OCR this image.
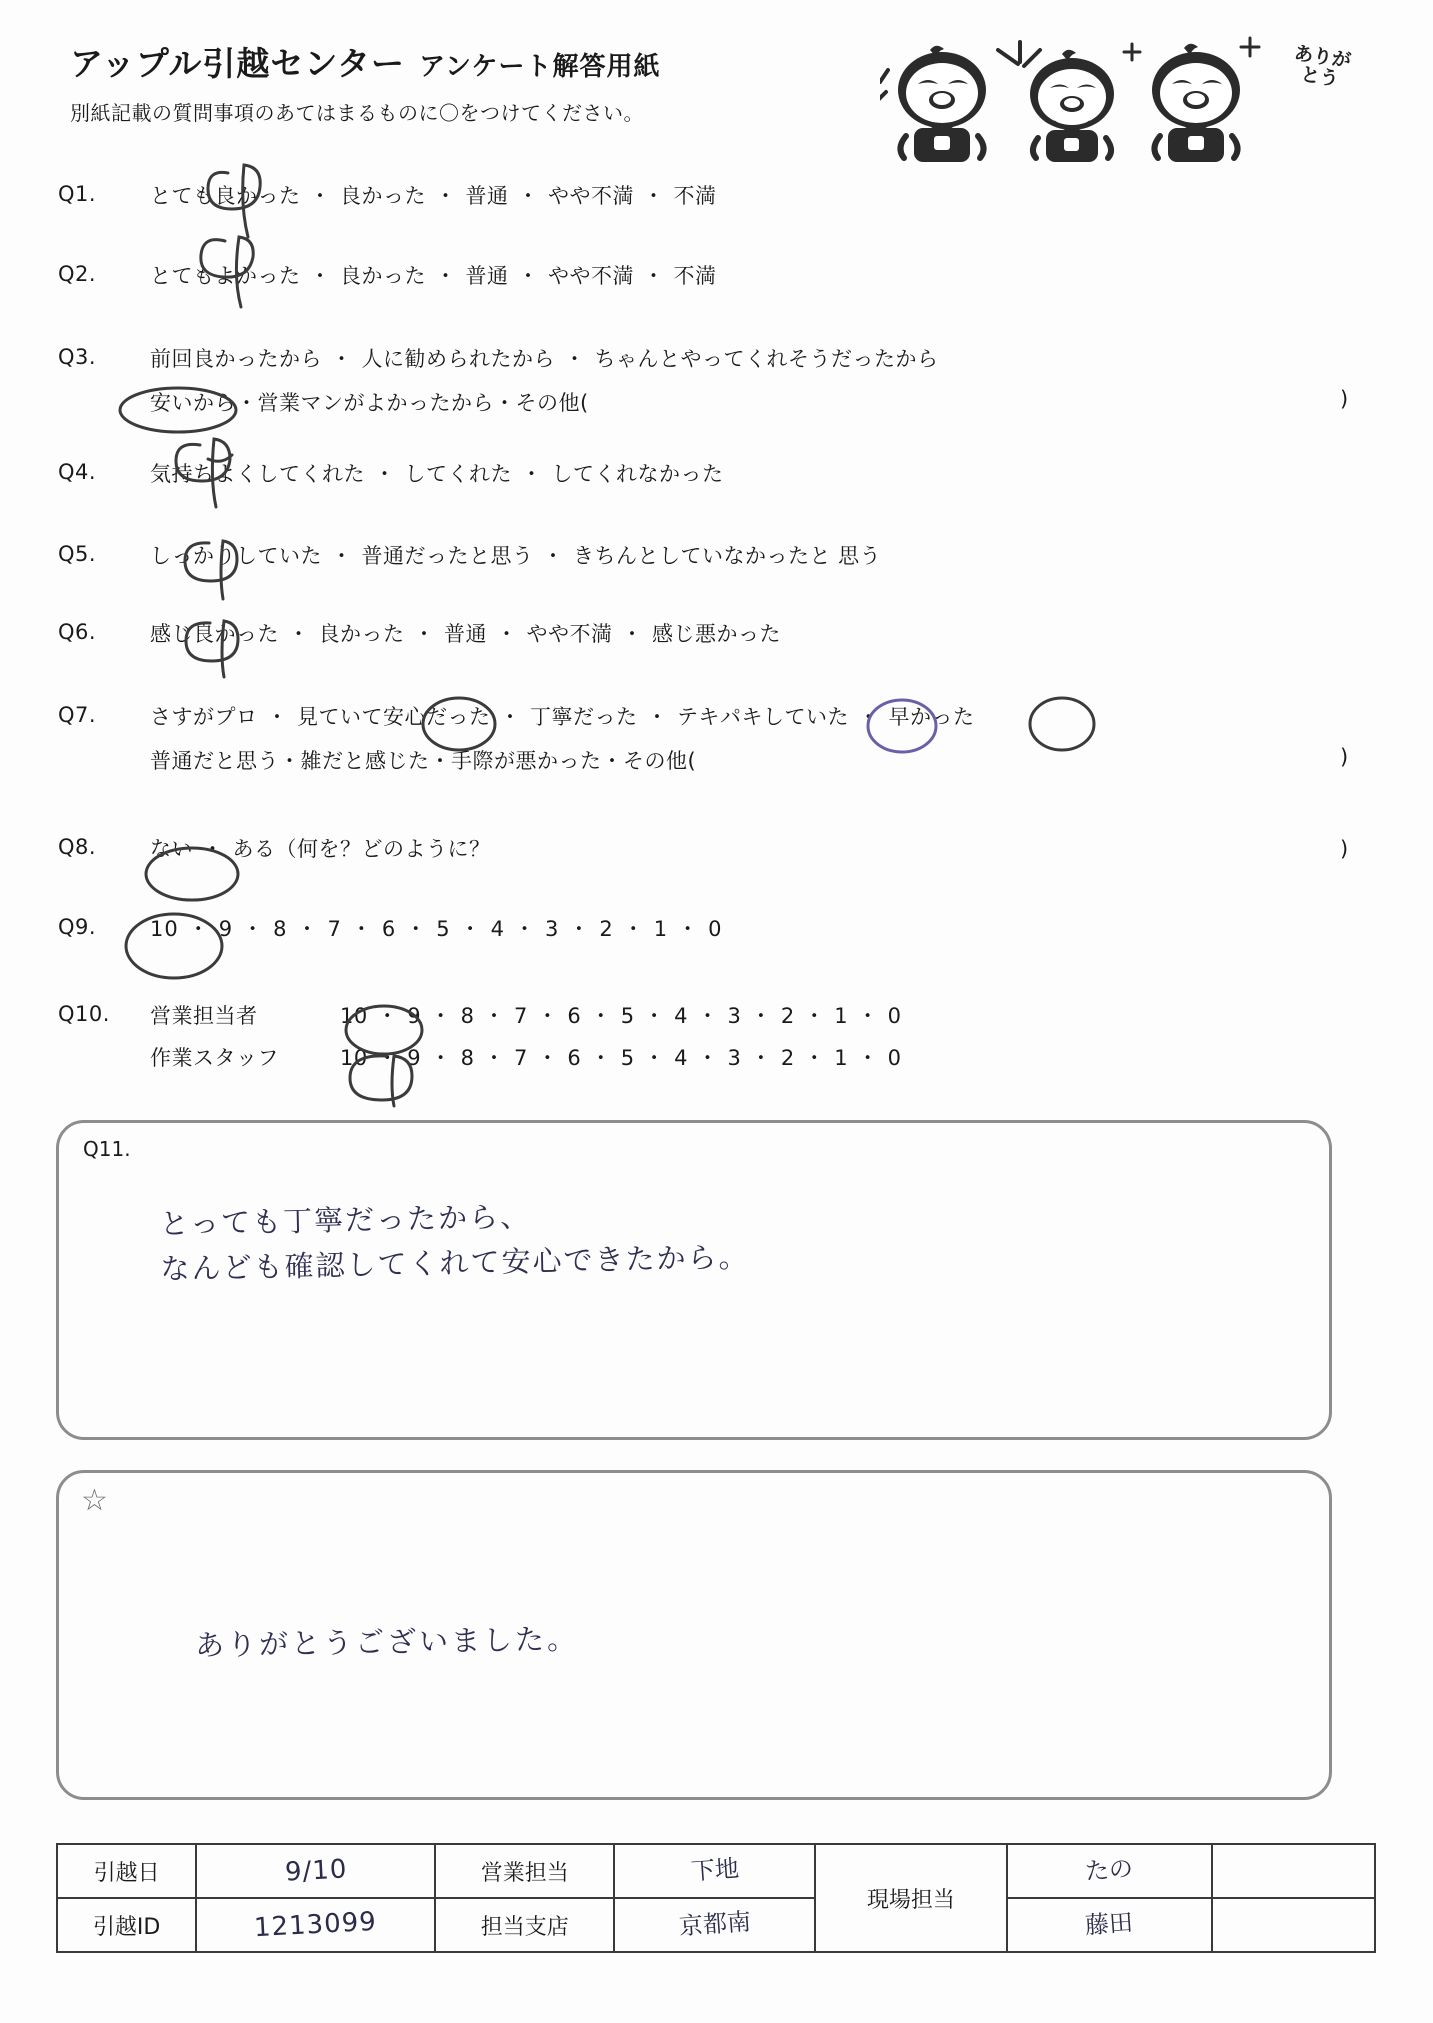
アップル引越センター アンケート解答用紙
別紙記載の質問事項のあてはまるものに〇をつけてください。
ありがとう
Q1.	とても良かった ・ 良かった ・ 普通 ・ やや不満 ・ 不満
Q2.	とてもよかった ・ 良かった ・ 普通 ・ やや不満 ・ 不満
Q3.	前回良かったから ・ 人に勧められたから ・ ちゃんとやってくれそうだったから
安いから・営業マンがよかったから・その他(	)
Q4.	気持ちよくしてくれた ・ してくれた ・ してくれなかった
Q5.	しっかりしていた ・ 普通だったと思う ・ きちんとしていなかったと 思う
Q6.	感じ良かった ・ 良かった ・ 普通 ・ やや不満 ・ 感じ悪かった
Q7.	さすがプロ ・ 見ていて安心だった ・ 丁寧だった ・ テキパキしていた ・ 早かった
普通だと思う・雑だと感じた・手際が悪かった・その他(	)
Q8.	ない ・ ある（何を？どのように？	)
Q9.	10 ・ 9 ・ 8 ・ 7 ・ 6 ・ 5 ・ 4 ・ 3 ・ 2 ・ 1 ・ 0
Q10.	営業担当者	10 ・ 9 ・ 8 ・ 7 ・ 6 ・ 5 ・ 4 ・ 3 ・ 2 ・ 1 ・ 0
作業スタッフ	10 ・ 9 ・ 8 ・ 7 ・ 6 ・ 5 ・ 4 ・ 3 ・ 2 ・ 1 ・ 0
Q11.
とっても丁寧だったから、
なんども確認してくれて安心できたから。
☆
ありがとうございました。
引越日	9/10	営業担当	下地	現場担当	たの	
引越ID	1213099	担当支店	京都南		藤田	
